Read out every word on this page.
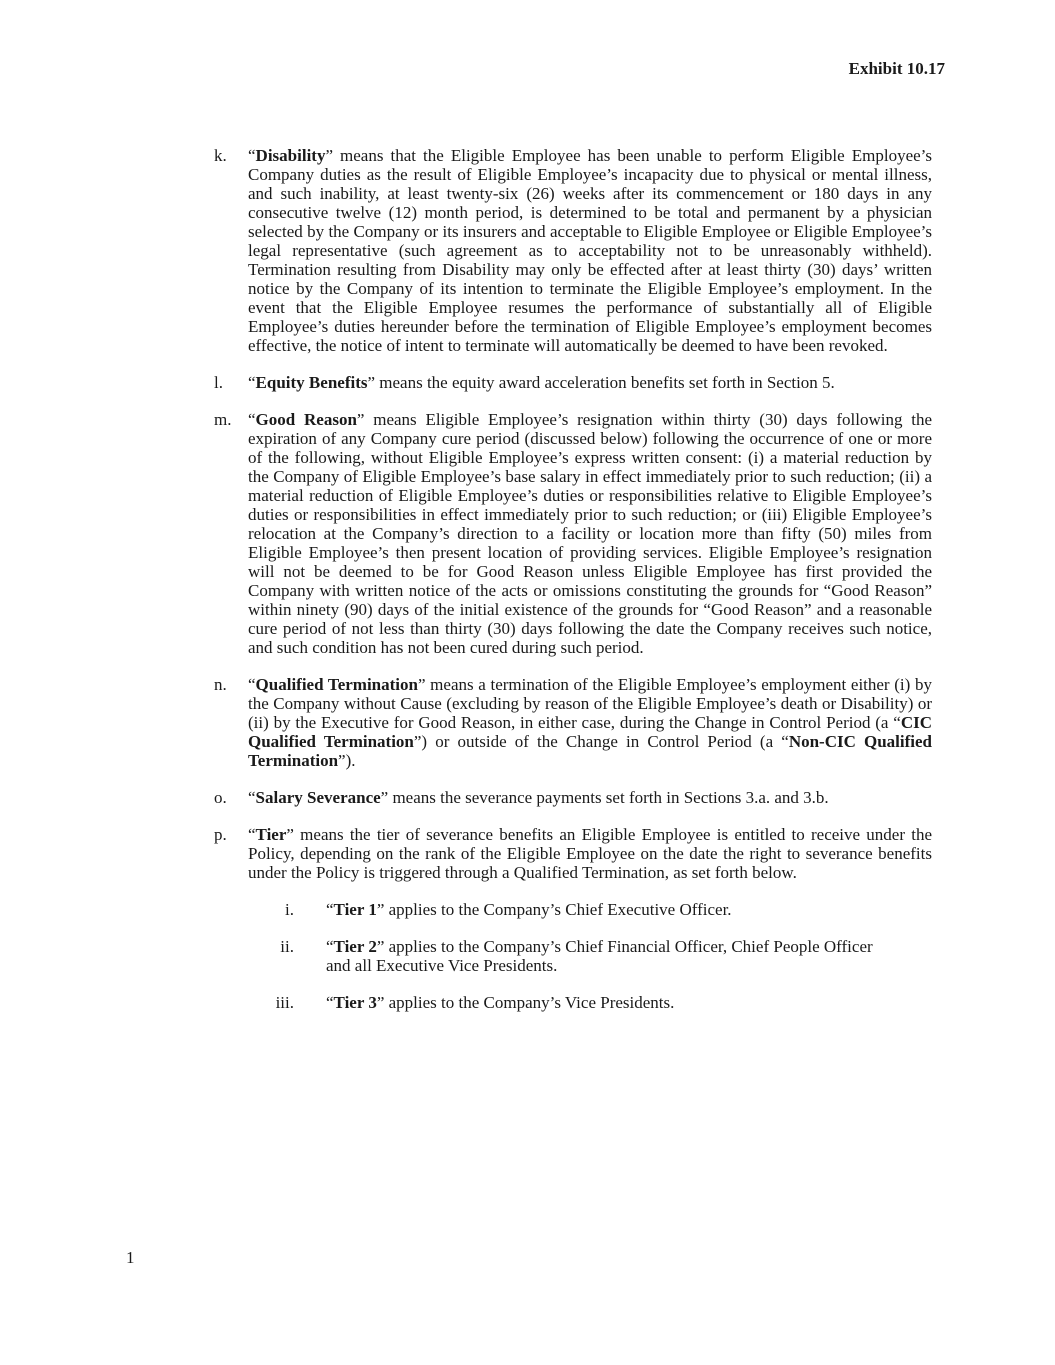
Exhibit 10.17
k. “Disability” means that the Eligible Employee has been unable to perform Eligible Employee’s Company duties as the result of Eligible Employee’s incapacity due to physical or mental illness, and such inability, at least twenty-six (26) weeks after its commencement or 180 days in any consecutive twelve (12) month period, is determined to be total and permanent by a physician selected by the Company or its insurers and acceptable to Eligible Employee or Eligible Employee’s legal representative (such agreement as to acceptability not to be unreasonably withheld). Termination resulting from Disability may only be effected after at least thirty (30) days’ written notice by the Company of its intention to terminate the Eligible Employee’s employment. In the event that the Eligible Employee resumes the performance of substantially all of Eligible Employee’s duties hereunder before the termination of Eligible Employee’s employment becomes effective, the notice of intent to terminate will automatically be deemed to have been revoked.
l. “Equity Benefits” means the equity award acceleration benefits set forth in Section 5.
m. “Good Reason” means Eligible Employee’s resignation within thirty (30) days following the expiration of any Company cure period (discussed below) following the occurrence of one or more of the following, without Eligible Employee’s express written consent: (i) a material reduction by the Company of Eligible Employee’s base salary in effect immediately prior to such reduction; (ii) a material reduction of Eligible Employee’s duties or responsibilities relative to Eligible Employee’s duties or responsibilities in effect immediately prior to such reduction; or (iii) Eligible Employee’s relocation at the Company’s direction to a facility or location more than fifty (50) miles from Eligible Employee’s then present location of providing services. Eligible Employee’s resignation will not be deemed to be for Good Reason unless Eligible Employee has first provided the Company with written notice of the acts or omissions constituting the grounds for “Good Reason” within ninety (90) days of the initial existence of the grounds for “Good Reason” and a reasonable cure period of not less than thirty (30) days following the date the Company receives such notice, and such condition has not been cured during such period.
n. “Qualified Termination” means a termination of the Eligible Employee’s employment either (i) by the Company without Cause (excluding by reason of the Eligible Employee’s death or Disability) or (ii) by the Executive for Good Reason, in either case, during the Change in Control Period (a “CIC Qualified Termination”) or outside of the Change in Control Period (a “Non-CIC Qualified Termination”).
o. “Salary Severance” means the severance payments set forth in Sections 3.a. and 3.b.
p. “Tier” means the tier of severance benefits an Eligible Employee is entitled to receive under the Policy, depending on the rank of the Eligible Employee on the date the right to severance benefits under the Policy is triggered through a Qualified Termination, as set forth below.
i. “Tier 1” applies to the Company’s Chief Executive Officer.
ii. “Tier 2” applies to the Company’s Chief Financial Officer, Chief People Officer and all Executive Vice Presidents.
iii. “Tier 3” applies to the Company’s Vice Presidents.
1
